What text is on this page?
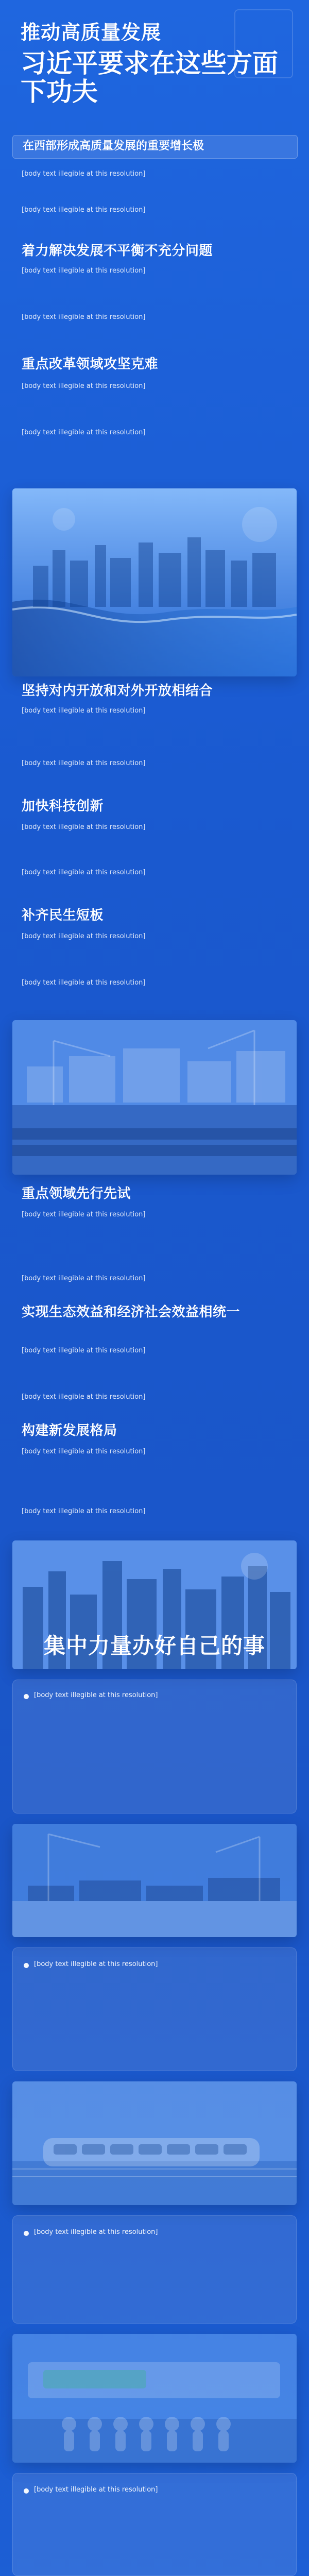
推动高质量发展
习近平要求在这些方面下功夫
在西部形成高质量发展的重要增长极
[body text illegible at this resolution]
[body text illegible at this resolution]
着力解决发展不平衡不充分问题
[body text illegible at this resolution]
[body text illegible at this resolution]
重点改革领域攻坚克难
[body text illegible at this resolution]
[body text illegible at this resolution]
坚持对内开放和对外开放相结合
[body text illegible at this resolution]
[body text illegible at this resolution]
加快科技创新
[body text illegible at this resolution]
[body text illegible at this resolution]
补齐民生短板
[body text illegible at this resolution]
[body text illegible at this resolution]
重点领域先行先试
[body text illegible at this resolution]
[body text illegible at this resolution]
实现生态效益和经济社会效益相统一
[body text illegible at this resolution]
[body text illegible at this resolution]
构建新发展格局
[body text illegible at this resolution]
[body text illegible at this resolution]
集中力量办好自己的事
[body text illegible at this resolution]
[body text illegible at this resolution]
[body text illegible at this resolution]
[body text illegible at this resolution]
